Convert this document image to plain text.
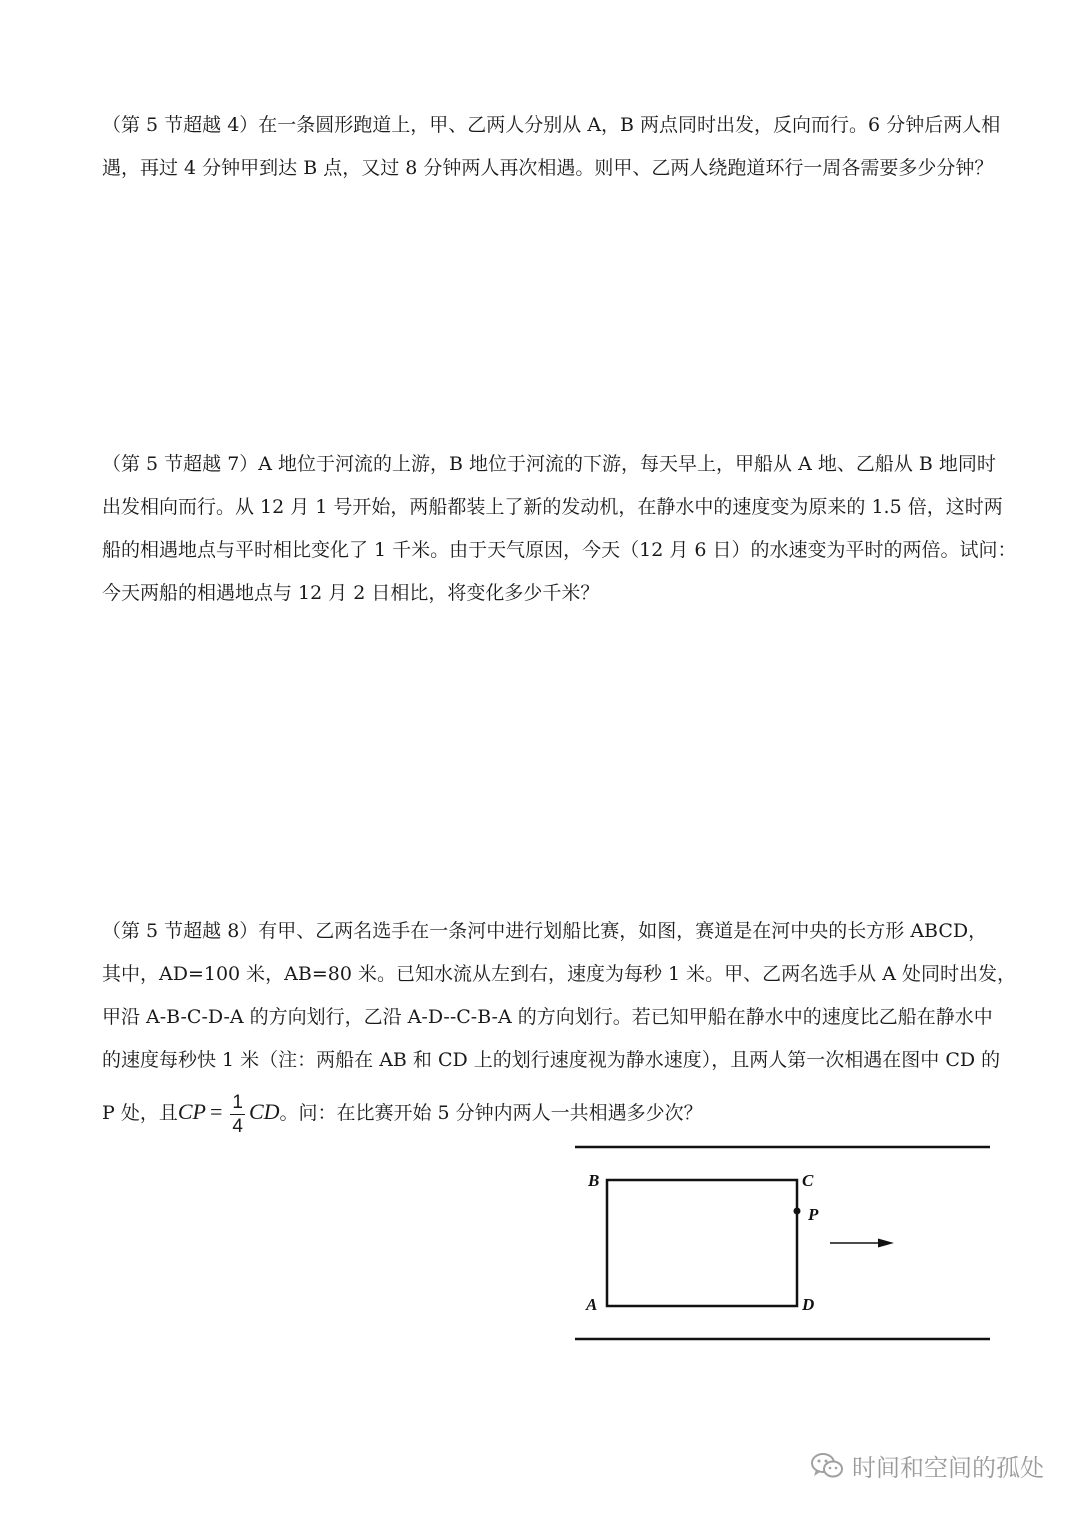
（第 5 节超越 4）在一条圆形跑道上，甲、乙两人分别从 A，B 两点同时出发，反向而行。6 分钟后两人相
遇，再过 4 分钟甲到达 B 点，又过 8 分钟两人再次相遇。则甲、乙两人绕跑道环行一周各需要多少分钟？
（第 5 节超越 7）A 地位于河流的上游，B 地位于河流的下游，每天早上，甲船从 A 地、乙船从 B 地同时
出发相向而行。从 12 月 1 号开始，两船都装上了新的发动机，在静水中的速度变为原来的 1.5 倍，这时两
船的相遇地点与平时相比变化了 1 千米。由于天气原因，今天（12 月 6 日）的水速变为平时的两倍。试问：
今天两船的相遇地点与 12 月 2 日相比，将变化多少千米？
（第 5 节超越 8）有甲、乙两名选手在一条河中进行划船比赛，如图，赛道是在河中央的长方形 ABCD，
其中，AD=100 米，AB=80 米。已知水流从左到右，速度为每秒 1 米。甲、乙两名选手从 A 处同时出发，
甲沿 A-B-C-D-A 的方向划行，乙沿 A-D--C-B-A 的方向划行。若已知甲船在静水中的速度比乙船在静水中
的速度每秒快 1 米（注：两船在 AB 和 CD 上的划行速度视为静水速度），且两人第一次相遇在图中 CD 的
P 处，且CP = $\frac{1}{4}$ CD。问：在比赛开始 5 分钟内两人一共相遇多少次？
B	C
P
A	D
时间和空间的孤处
